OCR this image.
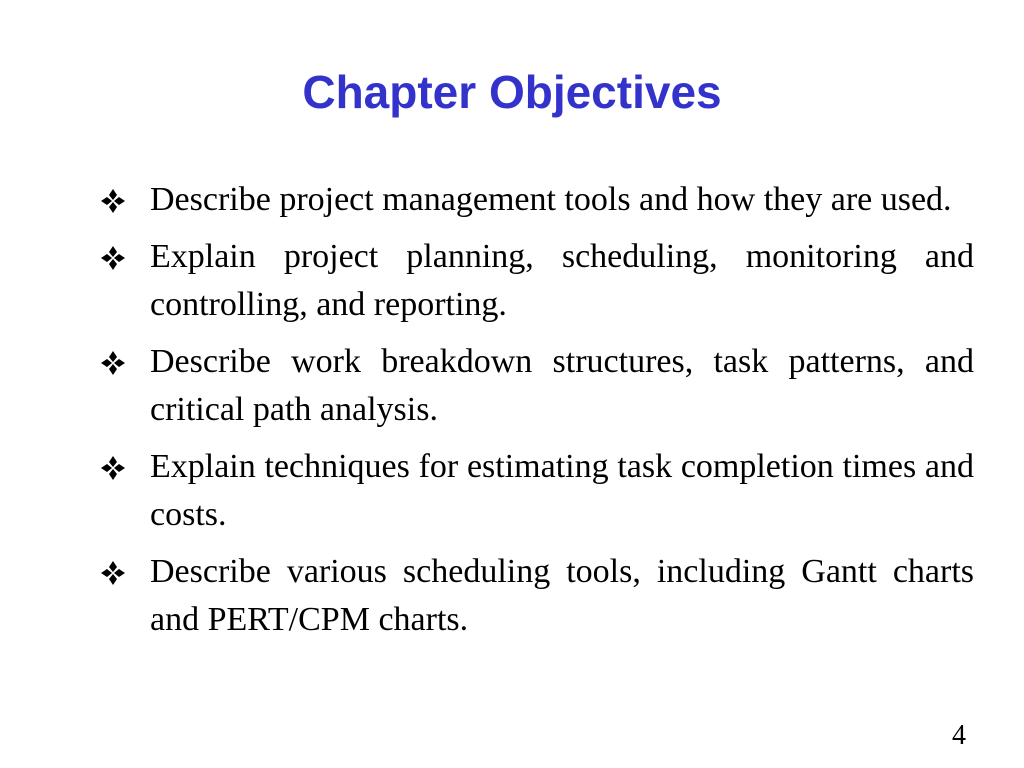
Chapter Objectives
Describe project management tools and how they are used.
Explain project planning, scheduling, monitoring and controlling, and reporting.
Describe work breakdown structures, task patterns, and critical path analysis.
Explain techniques for estimating task completion times and costs.
Describe various scheduling tools, including Gantt charts and PERT/CPM charts.
4
